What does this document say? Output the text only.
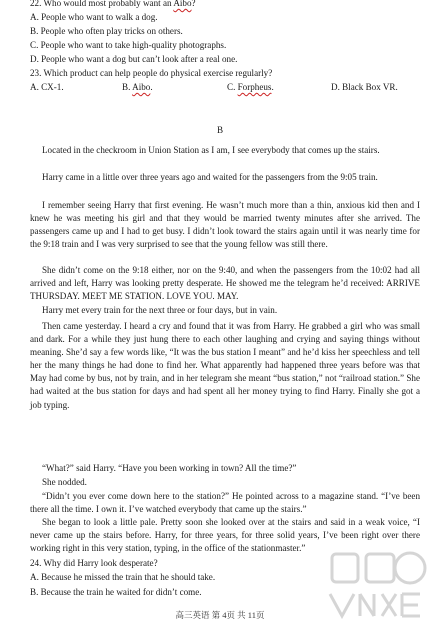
22. Who would most probably want an Aibo?
A. People who want to walk a dog.
B. People who often play tricks on others.
C. People who want to take high-quality photographs.
D. People who want a dog but can’t look after a real one.
23. Which product can help people do physical exercise regularly?
A. CX-1.	B. Aibo.	C. Forpheus.	D. Black Box VR.
B
Located in the checkroom in Union Station as I am, I see everybody that comes up the stairs.
Harry came in a little over three years ago and waited for the passengers from the 9:05 train.
I remember seeing Harry that first evening. He wasn’t much more than a thin, anxious kid then and I knew he was meeting his girl and that they would be married twenty minutes after she arrived. The passengers came up and I had to get busy. I didn’t look toward the stairs again until it was nearly time for the 9:18 train and I was very surprised to see that the young fellow was still there.
She didn’t come on the 9:18 either, nor on the 9:40, and when the passengers from the 10:02 had all arrived and left, Harry was looking pretty desperate. He showed me the telegram he’d received: ARRIVE THURSDAY. MEET ME STATION. LOVE YOU. MAY.
Harry met every train for the next three or four days, but in vain.
Then came yesterday. I heard a cry and found that it was from Harry. He grabbed a girl who was small and dark. For a while they just hung there to each other laughing and crying and saying things without meaning. She’d say a few words like, “It was the bus station I meant” and he’d kiss her speechless and tell her the many things he had done to find her. What apparently had happened three years before was that May had come by bus, not by train, and in her telegram she meant “bus station,” not “railroad station.” She had waited at the bus station for days and had spent all her money trying to find Harry. Finally she got a job typing.
“What?” said Harry. “Have you been working in town? All the time?”
She nodded.
“Didn’t you ever come down here to the station?” He pointed across to a magazine stand. “I’ve been there all the time. I own it. I’ve watched everybody that came up the stairs.”
She began to look a little pale. Pretty soon she looked over at the stairs and said in a weak voice, “I never came up the stairs before. Harry, for three years, for three solid years, I’ve been right over there working right in this very station, typing, in the office of the stationmaster.”
24. Why did Harry look desperate?
A. Because he missed the train that he should take.
B. Because the train he waited for didn’t come.
高三英语 第 4页 共 11页
